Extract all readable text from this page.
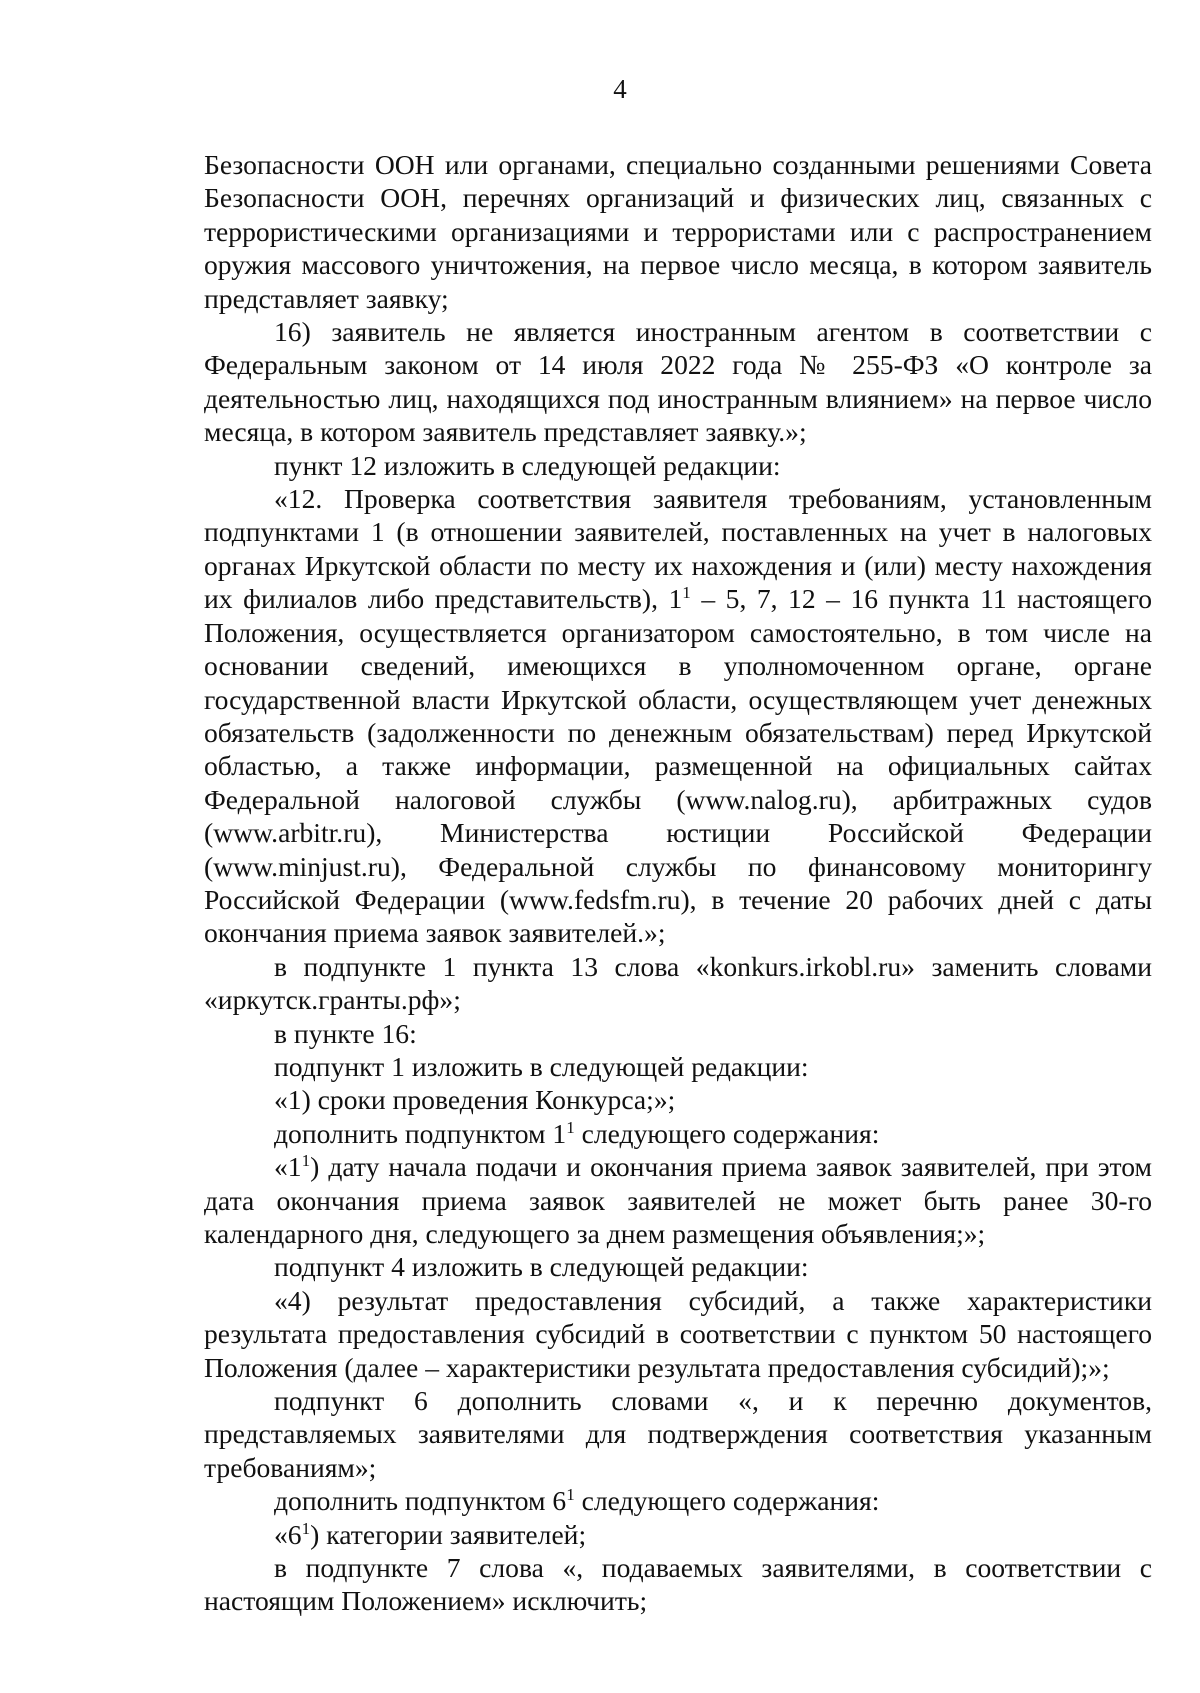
4

Безопасности ООН или органами, специально созданными решениями Совета Безопасности ООН, перечнях организаций и физических лиц, связанных с террористическими организациями и террористами или с распространением оружия массового уничтожения, на первое число месяца, в котором заявитель представляет заявку;

16) заявитель не является иностранным агентом в соответствии с Федеральным законом от 14 июля 2022 года № 255-ФЗ «О контроле за деятельностью лиц, находящихся под иностранным влиянием» на первое число месяца, в котором заявитель представляет заявку.»;

пункт 12 изложить в следующей редакции:

«12. Проверка соответствия заявителя требованиям, установленным подпунктами 1 (в отношении заявителей, поставленных на учет в налоговых органах Иркутской области по месту их нахождения и (или) месту нахождения их филиалов либо представительств), $1^1 - 5$, 7, 12 – 16 пункта 11 настоящего Положения, осуществляется организатором самостоятельно, в том числе на основании сведений, имеющихся в уполномоченном органе, органе государственной власти Иркутской области, осуществляющем учет денежных обязательств (задолженности по денежным обязательствам) перед Иркутской областью, а также информации, размещенной на официальных сайтах Федеральной налоговой службы (www.nalog.ru), арбитражных судов (www.arbitr.ru), Министерства юстиции Российской Федерации (www.minjust.ru), Федеральной службы по финансовому мониторингу Российской Федерации (www.fedsfm.ru), в течение 20 рабочих дней с даты окончания приема заявок заявителей.»;

в подпункте 1 пункта 13 слова «konkurs.irkobl.ru» заменить словами «иркутск.гранты.рф»;

в пункте 16:

подпункт 1 изложить в следующей редакции:

«1) сроки проведения Конкурса;»;

дополнить подпунктом $1^1$ следующего содержания:

«$1^1$) дату начала подачи и окончания приема заявок заявителей, при этом дата окончания приема заявок заявителей не может быть ранее 30-го календарного дня, следующего за днем размещения объявления;»;

подпункт 4 изложить в следующей редакции:

«4) результат предоставления субсидий, а также характеристики результата предоставления субсидий в соответствии с пунктом 50 настоящего Положения (далее – характеристики результата предоставления субсидий);»;

подпункт 6 дополнить словами «, и к перечню документов, представляемых заявителями для подтверждения соответствия указанным требованиям»;

дополнить подпунктом $6^1$ следующего содержания:

«$6^1$) категории заявителей;

в подпункте 7 слова «, подаваемых заявителями, в соответствии с настоящим Положением» исключить;
